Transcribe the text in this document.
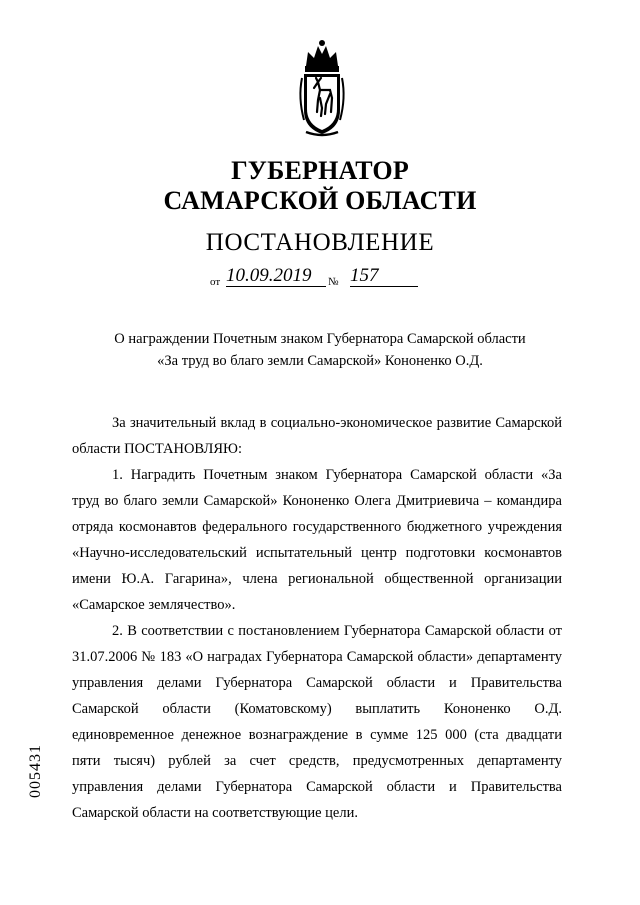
ГУБЕРНАТОР
САМАРСКОЙ ОБЛАСТИ
ПОСТАНОВЛЕНИЕ
от 10.09.2019	№ 157
О награждении Почетным знаком Губернатора Самарской области
«За труд во благо земли Самарской» Кононенко О.Д.

За значительный вклад в социально-экономическое развитие Самарской области ПОСТАНОВЛЯЮ:

1. Наградить Почетным знаком Губернатора Самарской области «За труд во благо земли Самарской» Кононенко Олега Дмитриевича – командира отряда космонавтов федерального государственного бюджетного учреждения «Научно-исследовательский испытательный центр подготовки космонавтов имени Ю.А. Гагарина», члена региональной общественной организации «Самарское землячество».

2. В соответствии с постановлением Губернатора Самарской области от 31.07.2006 № 183 «О наградах Губернатора Самарской области» департаменту управления делами Губернатора Самарской области и Правительства Самарской области (Коматовскому) выплатить Кононенко О.Д. единовременное денежное вознаграждение в сумме 125 000 (ста двадцати пяти тысяч) рублей за счет средств, предусмотренных департаменту управления делами Губернатора Самарской области и Правительства Самарской области на соответствующие цели.

005431
